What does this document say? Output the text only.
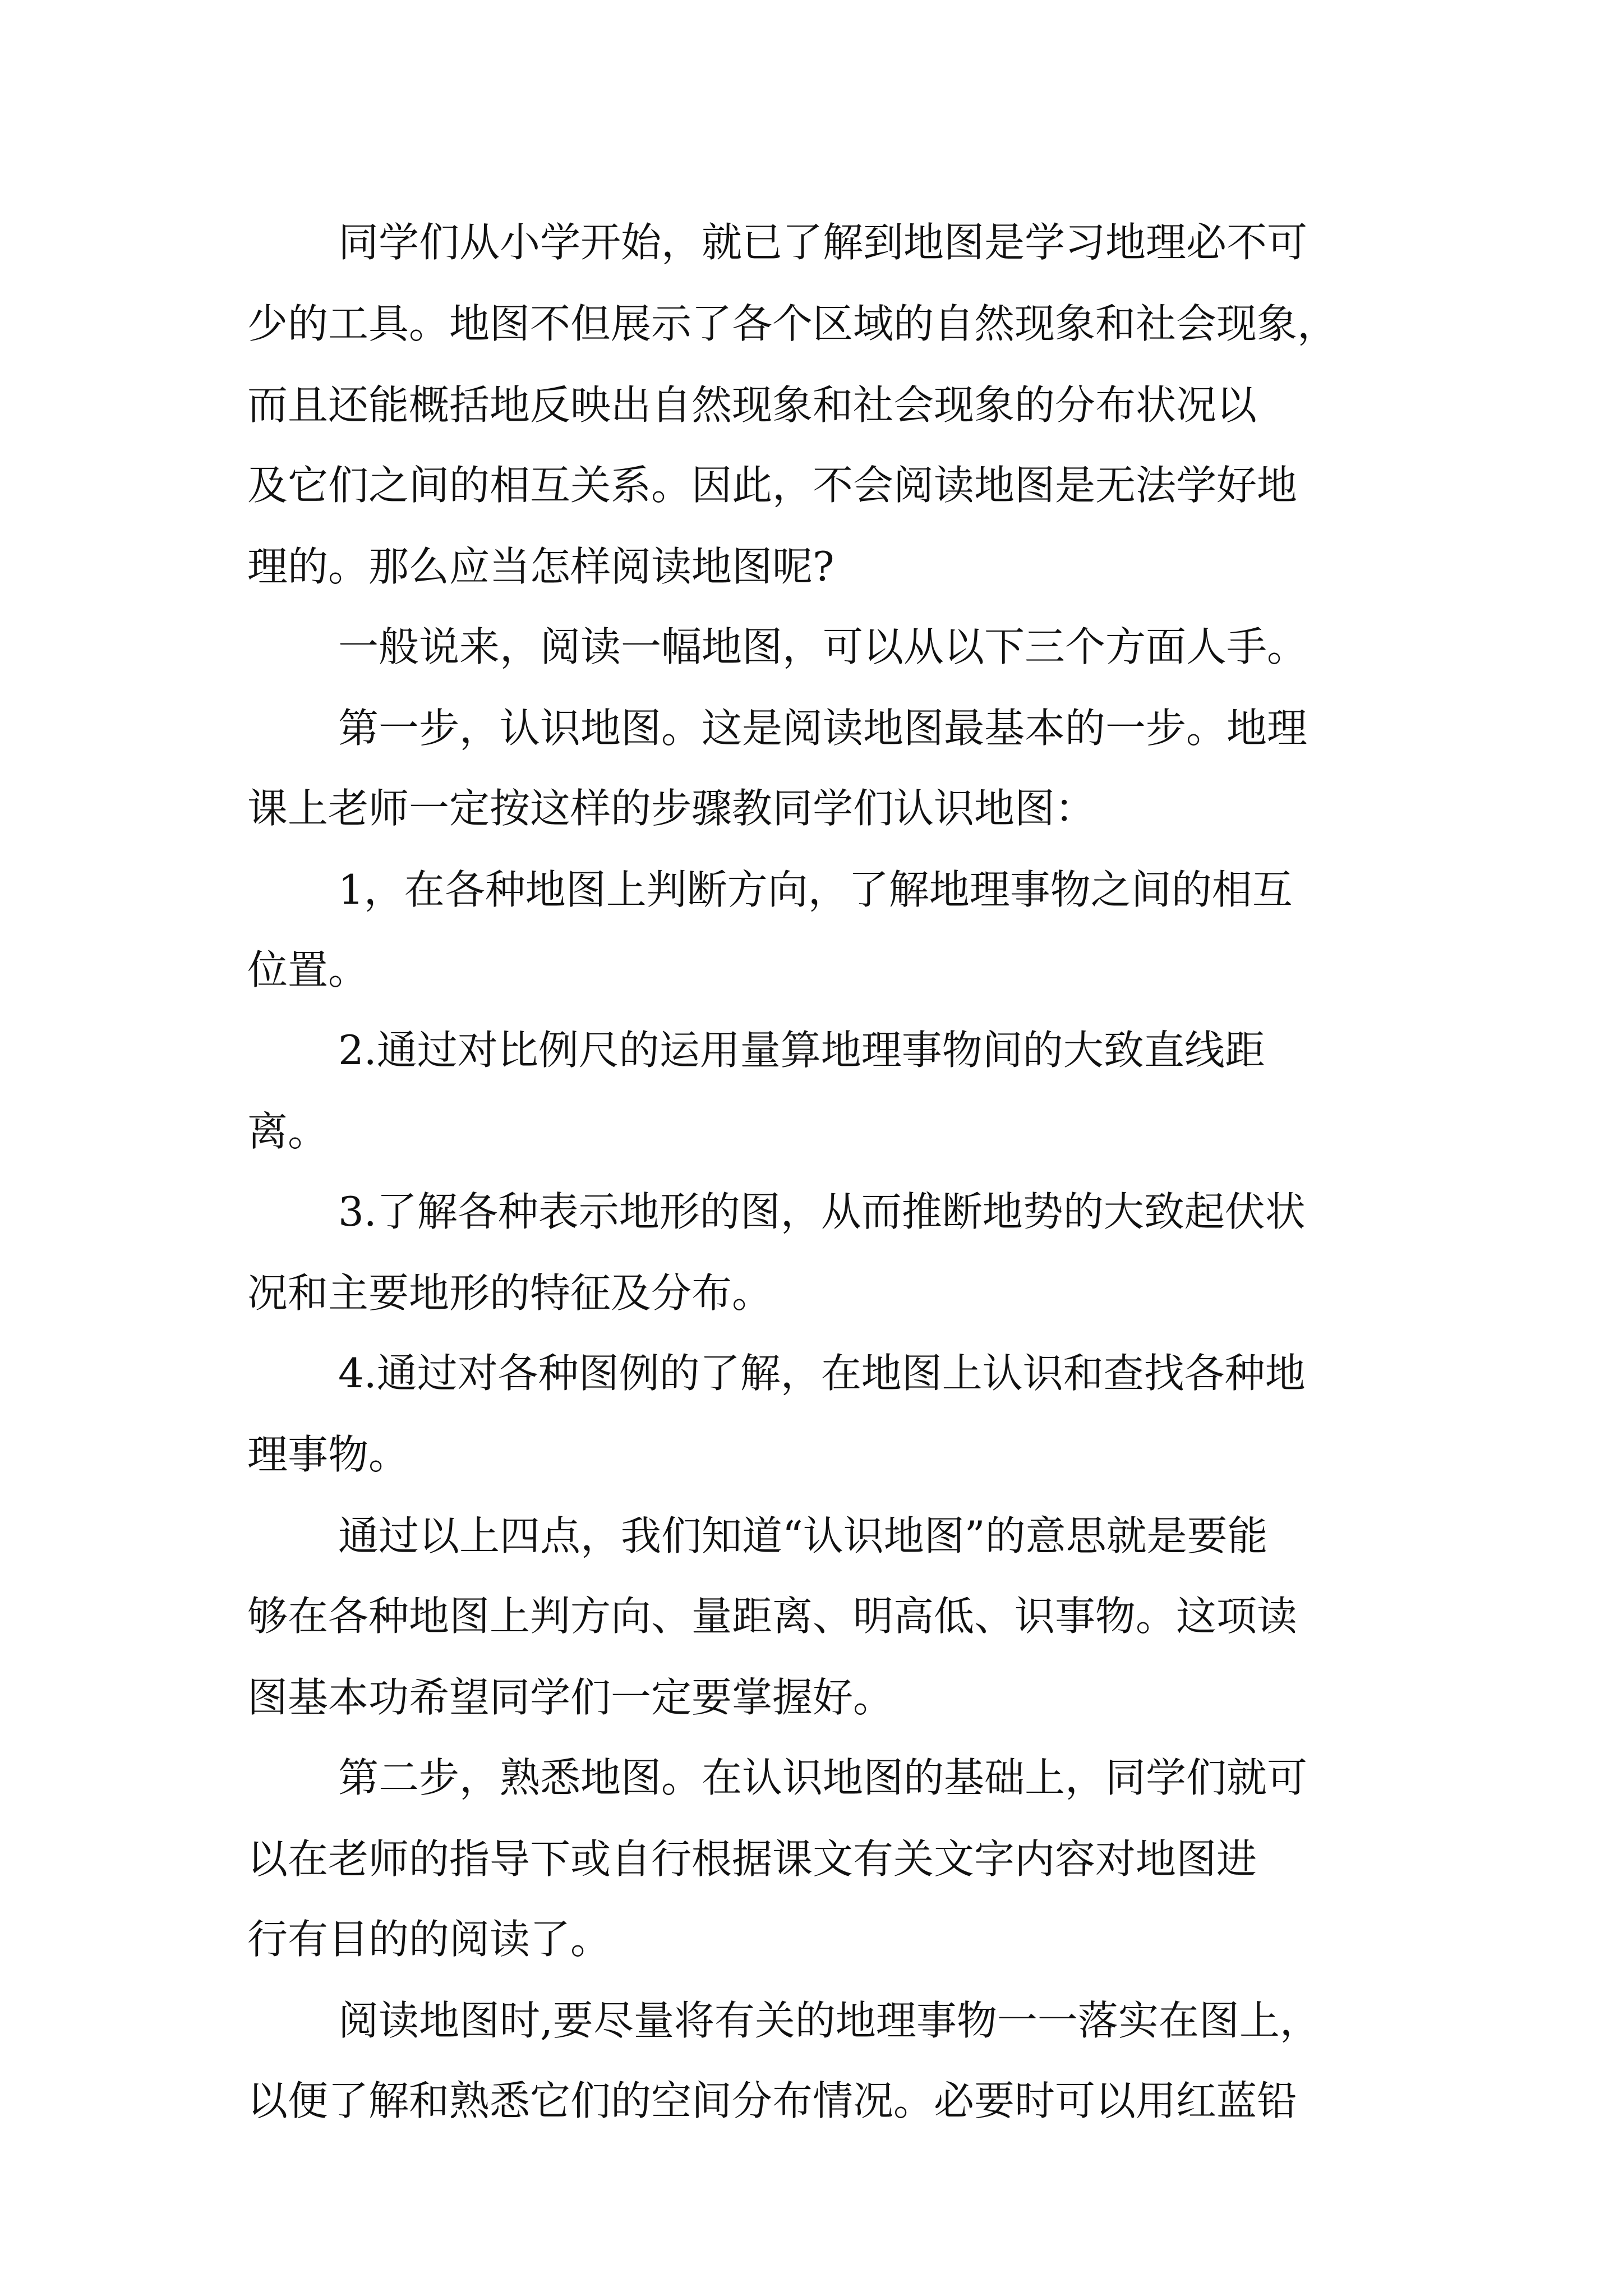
同学们从小学开始，就已了解到地图是学习地理必不可
少的工具。地图不但展示了各个区域的自然现象和社会现象，
而且还能概括地反映出自然现象和社会现象的分布状况以
及它们之间的相互关系。因此，不会阅读地图是无法学好地
理的。那么应当怎样阅读地图呢?
一般说来，阅读一幅地图，可以从以下三个方面人手。
第一步，认识地图。这是阅读地图最基本的一步。地理
课上老师一定按这样的步骤教同学们认识地图：
1，在各种地图上判断方向，了解地理事物之间的相互
位置。
2.通过对比例尺的运用量算地理事物间的大致直线距
离。
3.了解各种表示地形的图，从而推断地势的大致起伏状
况和主要地形的特征及分布。
4.通过对各种图例的了解，在地图上认识和查找各种地
理事物。
通过以上四点，我们知道“认识地图”的意思就是要能
够在各种地图上判方向、量距离、明高低、识事物。这项读
图基本功希望同学们一定要掌握好。
第二步，熟悉地图。在认识地图的基础上，同学们就可
以在老师的指导下或自行根据课文有关文字内容对地图进
行有目的的阅读了。
阅读地图时,要尽量将有关的地理事物一一落实在图上，
以便了解和熟悉它们的空间分布情况。必要时可以用红蓝铅
